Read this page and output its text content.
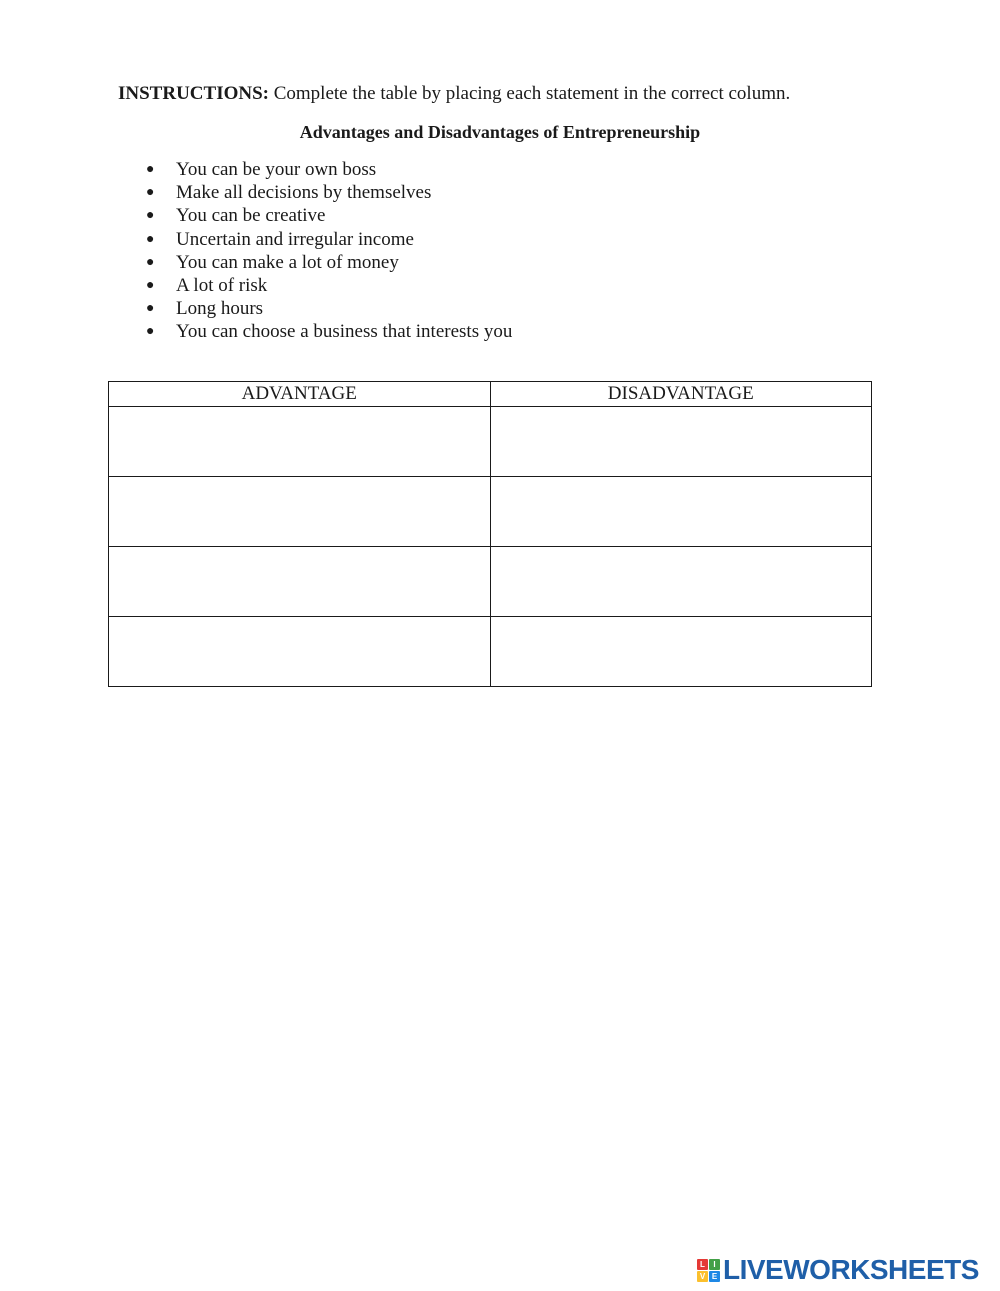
INSTRUCTIONS: Complete the table by placing each statement in the correct column.
Advantages and Disadvantages of Entrepreneurship
● You can be your own boss
● Make all decisions by themselves
● You can be creative
● Uncertain and irregular income
● You can make a lot of money
● A lot of risk
● Long hours
● You can choose a business that interests you
ADVANTAGE	DISADVANTAGE

L	I
V E LIVEWORKSHEETS
